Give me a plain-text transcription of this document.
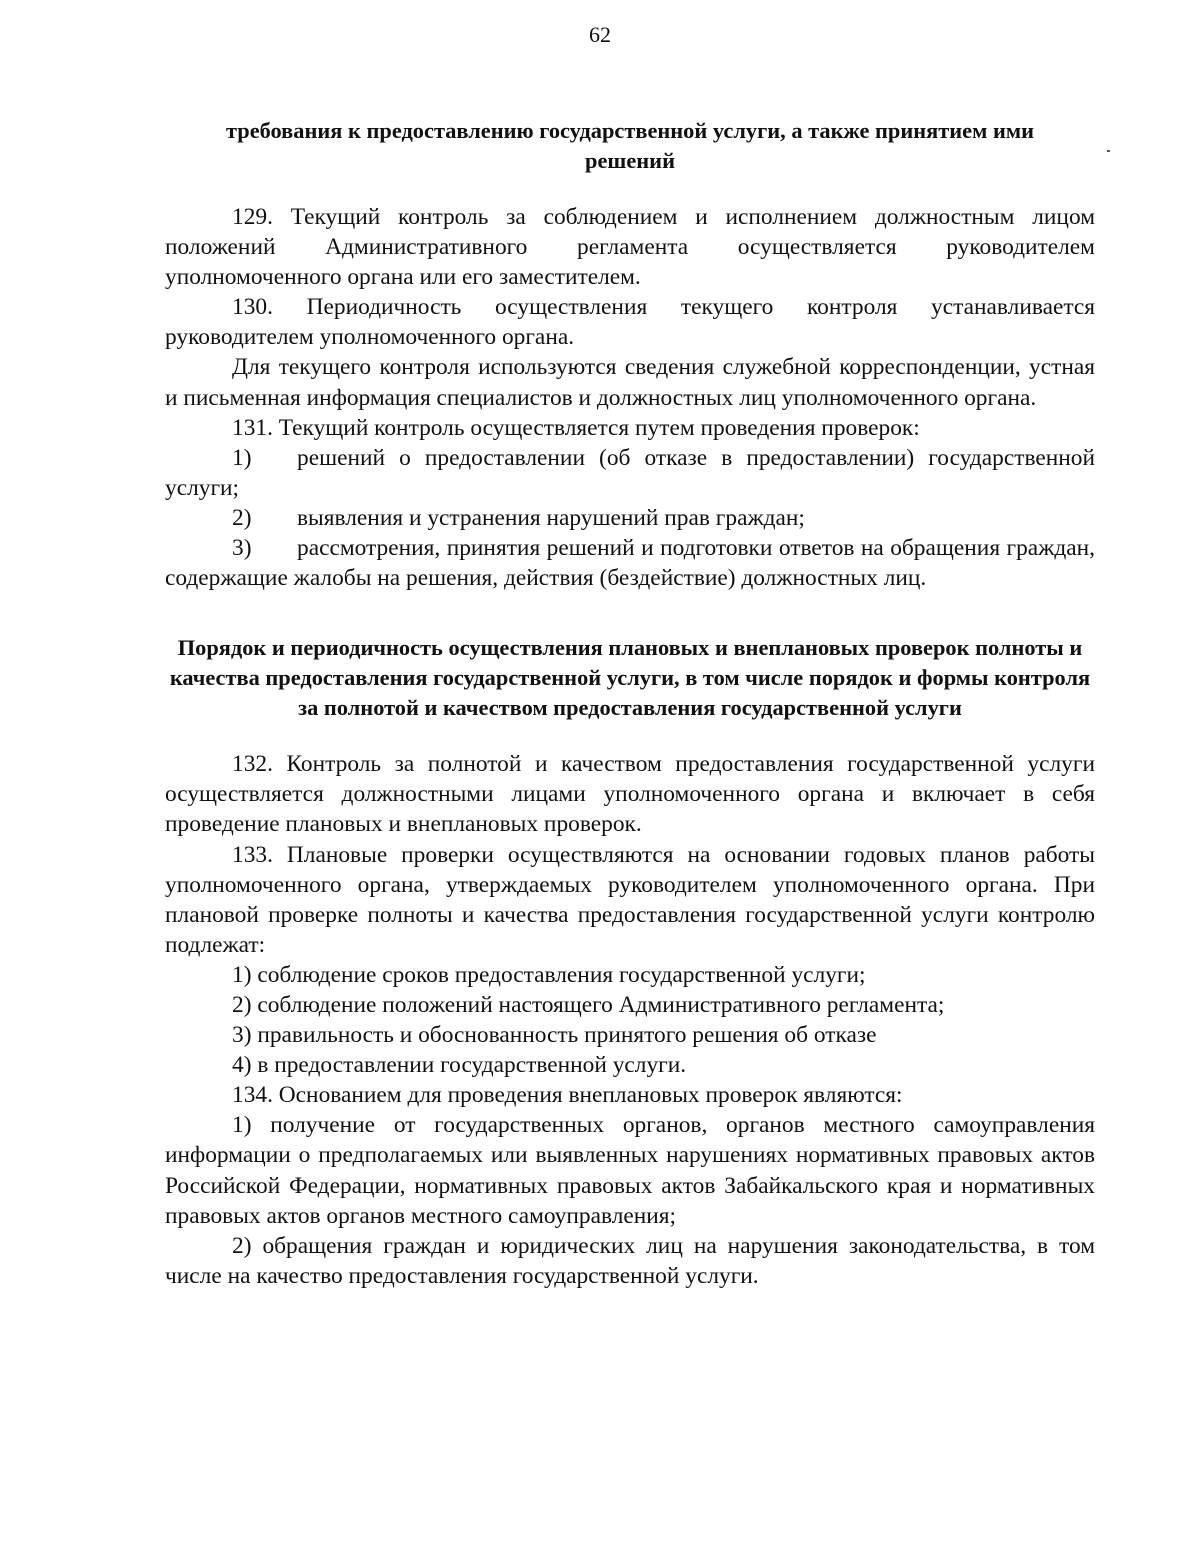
62
требования к предоставлению государственной услуги, а также принятием ими решений

129. Текущий контроль за соблюдением и исполнением должностным лицом положений Административного регламента осуществляется руководителем уполномоченного органа или его заместителем.

130. Периодичность осуществления текущего контроля устанавливается руководителем уполномоченного органа.

Для текущего контроля используются сведения служебной корреспонденции, устная и письменная информация специалистов и должностных лиц уполномоченного органа.

131. Текущий контроль осуществляется путем проведения проверок:

1) решений о предоставлении (об отказе в предоставлении) государственной услуги;

2) выявления и устранения нарушений прав граждан;

3) рассмотрения, принятия решений и подготовки ответов на обращения граждан, содержащие жалобы на решения, действия (бездействие) должностных лиц.

Порядок и периодичность осуществления плановых и внеплановых проверок полноты и качества предоставления государственной услуги, в том числе порядок и формы контроля за полнотой и качеством предоставления государственной услуги

132. Контроль за полнотой и качеством предоставления государственной услуги осуществляется должностными лицами уполномоченного органа и включает в себя проведение плановых и внеплановых проверок.

133. Плановые проверки осуществляются на основании годовых планов работы уполномоченного органа, утверждаемых руководителем уполномоченного органа. При плановой проверке полноты и качества предоставления государственной услуги контролю подлежат:

1) соблюдение сроков предоставления государственной услуги;

2) соблюдение положений настоящего Административного регламента;

3) правильность и обоснованность принятого решения об отказе

4) в предоставлении государственной услуги.

134. Основанием для проведения внеплановых проверок являются:

1) получение от государственных органов, органов местного самоуправления информации о предполагаемых или выявленных нарушениях нормативных правовых актов Российской Федерации, нормативных правовых актов Забайкальского края и нормативных правовых актов органов местного самоуправления;

2) обращения граждан и юридических лиц на нарушения законодательства, в том числе на качество предоставления государственной услуги.
